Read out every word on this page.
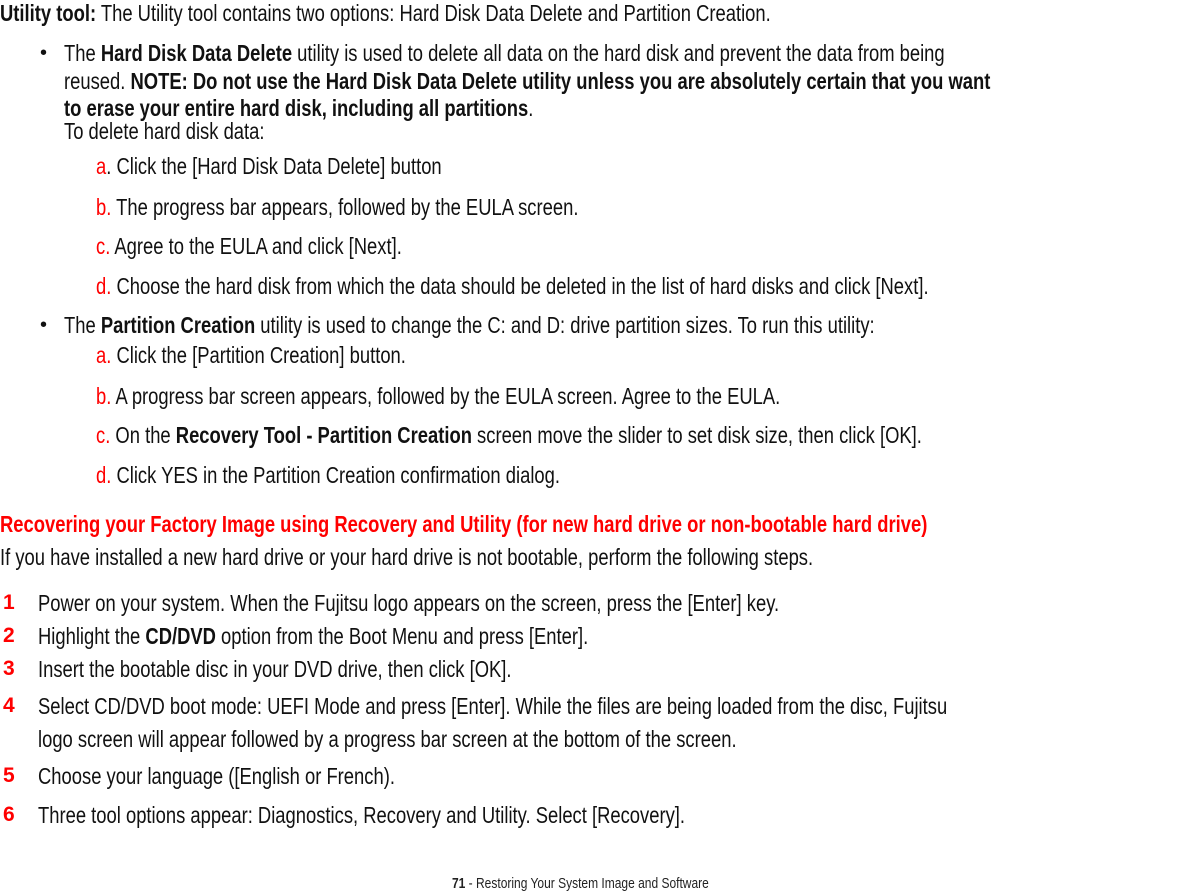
Utility tool: The Utility tool contains two options: Hard Disk Data Delete and Partition Creation.
• The Hard Disk Data Delete utility is used to delete all data on the hard disk and prevent the data from being
reused. NOTE: Do not use the Hard Disk Data Delete utility unless you are absolutely certain that you want
to erase your entire hard disk, including all partitions.
To delete hard disk data:
a. Click the [Hard Disk Data Delete] button
b. The progress bar appears, followed by the EULA screen.
c. Agree to the EULA and click [Next].
d. Choose the hard disk from which the data should be deleted in the list of hard disks and click [Next].
• The Partition Creation utility is used to change the C: and D: drive partition sizes. To run this utility:
a. Click the [Partition Creation] button.
b. A progress bar screen appears, followed by the EULA screen. Agree to the EULA.
c. On the Recovery Tool - Partition Creation screen move the slider to set disk size, then click [OK].
d. Click YES in the Partition Creation confirmation dialog.
Recovering your Factory Image using Recovery and Utility (for new hard drive or non-bootable hard drive)
If you have installed a new hard drive or your hard drive is not bootable, perform the following steps.
1 Power on your system. When the Fujitsu logo appears on the screen, press the [Enter] key.
2 Highlight the CD/DVD option from the Boot Menu and press [Enter].
3 Insert the bootable disc in your DVD drive, then click [OK].
4 Select CD/DVD boot mode: UEFI Mode and press [Enter]. While the files are being loaded from the disc, Fujitsu
logo screen will appear followed by a progress bar screen at the bottom of the screen.
5 Choose your language ([English or French).
6 Three tool options appear: Diagnostics, Recovery and Utility. Select [Recovery].
71 - Restoring Your System Image and Software
